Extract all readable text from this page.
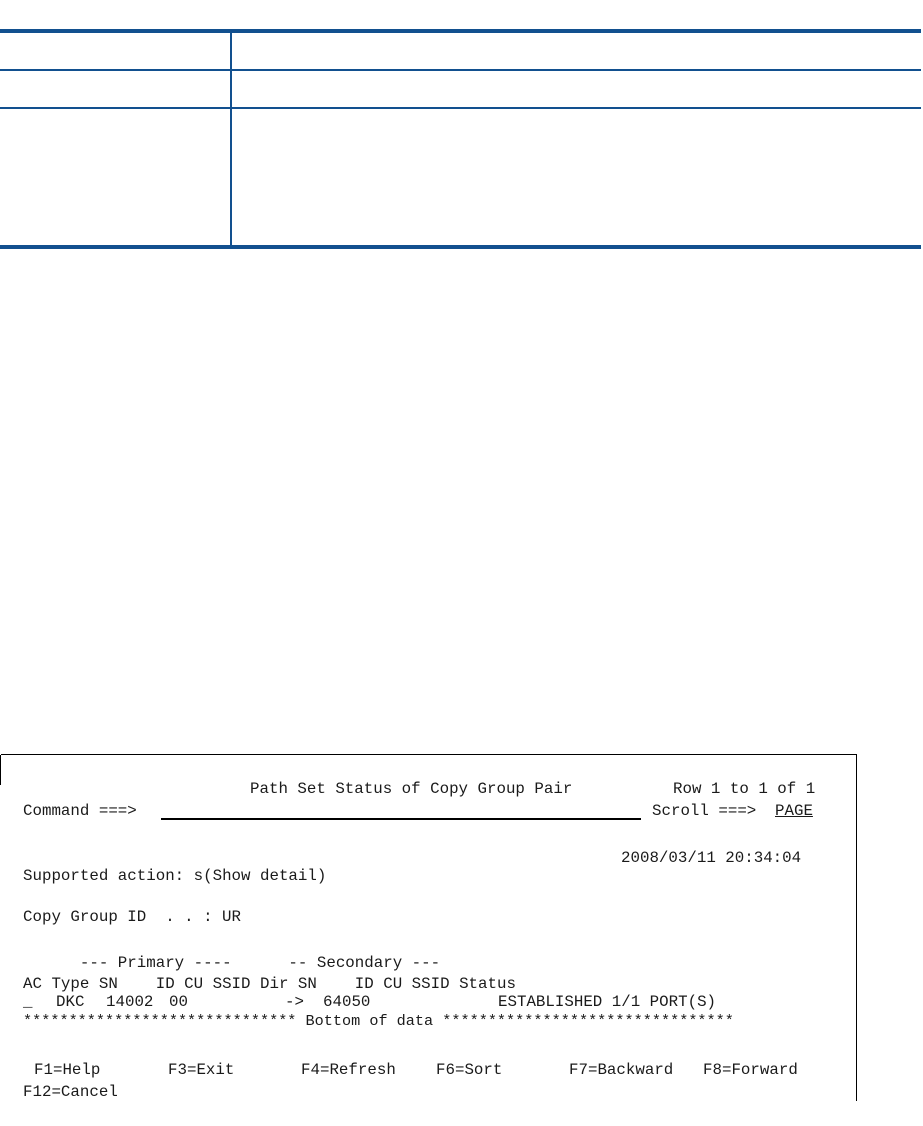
Path Set Status of Copy Group Pair	Row 1 to 1 of 1
Command ===>	Scroll ===> PAGE
2008/03/11 20:34:04
Supported action: s(Show detail)
Copy Group ID  . . : UR
--- Primary ----      -- Secondary ---
AC Type SN    ID CU SSID Dir SN    ID CU SSID Status
_ DKC 14002 00	-> 64050	ESTABLISHED 1/1 PORT(S)
****************************** Bottom of data ********************************
F1=Help	F3=Exit	F4=Refresh	F6=Sort	F7=Backward F8=Forward
F12=Cancel
